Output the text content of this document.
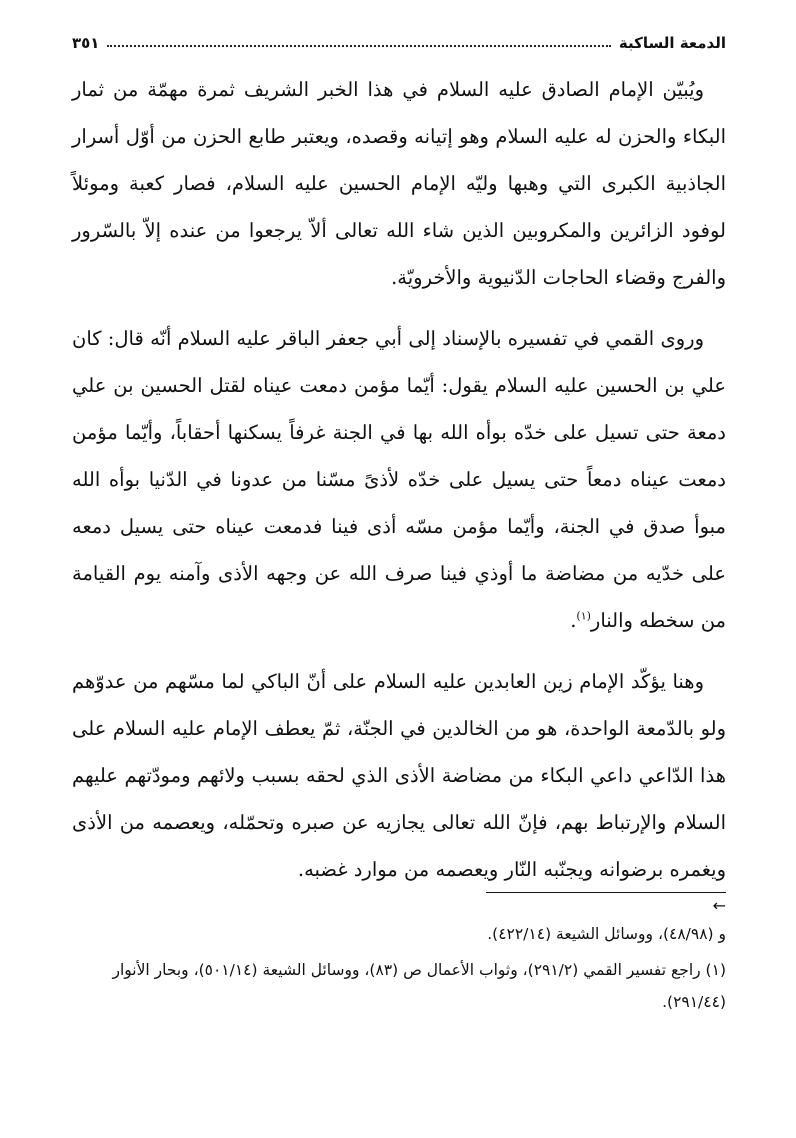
الدمعة الساكبة
٣٥١

ويُبيّن الإمام الصادق عليه السلام في هذا الخبر الشريف ثمرة مهمّة من ثمار البكاء والحزن له عليه السلام وهو إتيانه وقصده، ويعتبر طابع الحزن من أوّل أسرار الجاذبية الكبرى التي وهبها وليّه الإمام الحسين عليه السلام، فصار كعبة وموئلاً لوفود الزائرين والمكروبين الذين شاء الله تعالى ألاّ يرجعوا من عنده إلاّ بالسّرور والفرج وقضاء الحاجات الدّنيوية والأخرويّة.

وروى القمي في تفسيره بالإسناد إلى أبي جعفر الباقر عليه السلام أنّه قال: كان علي بن الحسين عليه السلام يقول: أيّما مؤمن دمعت عيناه لقتل الحسين بن علي دمعة حتى تسيل على خدّه بوأه الله بها في الجنة غرفاً يسكنها أحقاباً، وأيّما مؤمن دمعت عيناه دمعاً حتى يسيل على خدّه لأذىً مسّنا من عدونا في الدّنيا بوأه الله مبوأ صدق في الجنة، وأيّما مؤمن مسّه أذى فينا فدمعت عيناه حتى يسيل دمعه على خدّيه من مضاضة ما أوذي فينا صرف الله عن وجهه الأذى وآمنه يوم القيامة من سخطه والنار$^{(١)}$.

وهنا يؤكّد الإمام زين العابدين عليه السلام على أنّ الباكي لما مسّهم من عدوّهم ولو بالدّمعة الواحدة، هو من الخالدين في الجنّة، ثمّ يعطف الإمام عليه السلام على هذا الدّاعي داعي البكاء من مضاضة الأذى الذي لحقه بسبب ولائهم ومودّتهم عليهم السلام والإرتباط بهم، فإنّ الله تعالى يجازيه عن صبره وتحمّله، ويعصمه من الأذى ويغمره برضوانه ويجنّبه النّار ويعصمه من موارد غضبه.

←

و (٤٨/٩٨)، ووسائل الشيعة (٤٢٢/١٤).

(١) راجع تفسير القمي (٢٩١/٢)، وثواب الأعمال ص (٨٣)، ووسائل الشيعة (٥٠١/١٤)، وبحار الأنوار (٢٩١/٤٤).
